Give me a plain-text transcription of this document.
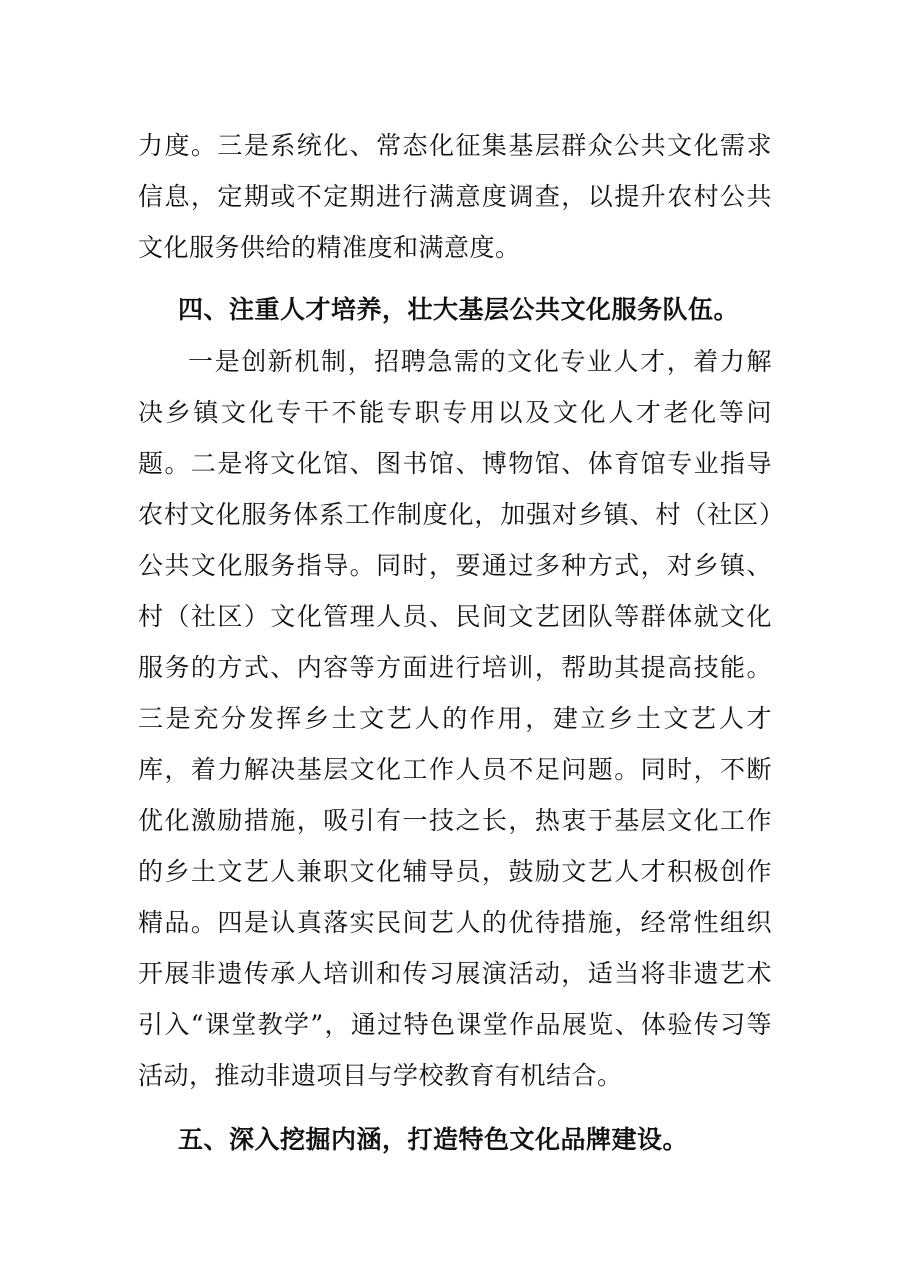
力度。三是系统化、常态化征集基层群众公共文化需求信息，定期或不定期进行满意度调查，以提升农村公共文化服务供给的精准度和满意度。

四、注重人才培养，壮大基层公共文化服务队伍。

一是创新机制，招聘急需的文化专业人才，着力解决乡镇文化专干不能专职专用以及文化人才老化等问题。二是将文化馆、图书馆、博物馆、体育馆专业指导农村文化服务体系工作制度化，加强对乡镇、村（社区）公共文化服务指导。同时，要通过多种方式，对乡镇、村（社区）文化管理人员、民间文艺团队等群体就文化服务的方式、内容等方面进行培训，帮助其提高技能。三是充分发挥乡土文艺人的作用，建立乡土文艺人才库，着力解决基层文化工作人员不足问题。同时，不断优化激励措施，吸引有一技之长，热衷于基层文化工作的乡土文艺人兼职文化辅导员，鼓励文艺人才积极创作精品。四是认真落实民间艺人的优待措施，经常性组织开展非遗传承人培训和传习展演活动，适当将非遗艺术引入“课堂教学”，通过特色课堂作品展览、体验传习等活动，推动非遗项目与学校教育有机结合。

五、深入挖掘内涵，打造特色文化品牌建设。
